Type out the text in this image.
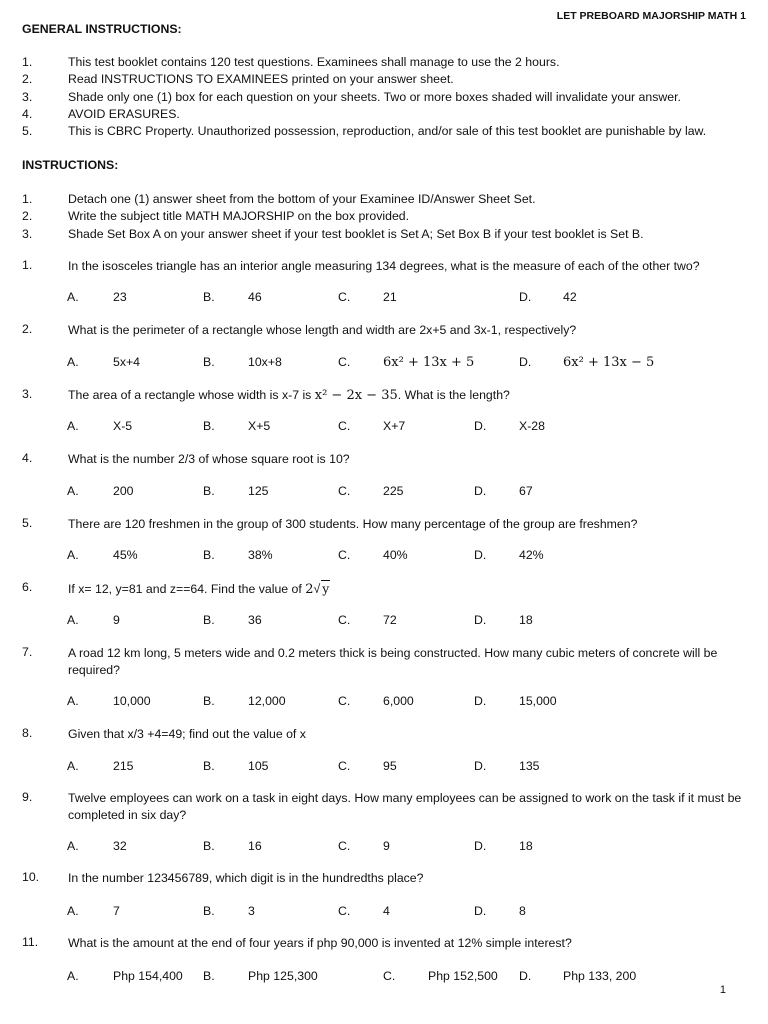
LET PREBOARD MAJORSHIP MATH 1
GENERAL INSTRUCTIONS:
1.	This test booklet contains 120 test questions. Examinees shall manage to use the 2 hours.
2.	Read INSTRUCTIONS TO EXAMINEES printed on your answer sheet.
3.	Shade only one (1) box for each question on your sheets. Two or more boxes shaded will invalidate your answer.
4.	AVOID ERASURES.
5.	This is CBRC Property. Unauthorized possession, reproduction, and/or sale of this test booklet are punishable by law.
INSTRUCTIONS:
1.	Detach one (1) answer sheet from the bottom of your Examinee ID/Answer Sheet Set.
2.	Write the subject title MATH MAJORSHIP on the box provided.
3.	Shade Set Box A on your answer sheet if your test booklet is Set A; Set Box B if your test booklet is Set B.
1.	In the isosceles triangle has an interior angle measuring 134 degrees, what is the measure of each of the other two?
A.	23	B.	46	C.	21	D.	42
2.	What is the perimeter of a rectangle whose length and width are 2x+5 and 3x-1, respectively?
A.	5x+4	B.	10x+8	C.	6x² + 13x + 5	D. 6x² + 13x − 5
3.	The area of a rectangle whose width is x-7 is x² − 2x − 35. What is the length?
A.	X-5	B.	X+5	C.	X+7	D.	X-28
4.	What is the number 2/3 of whose square root is 10?
A.	200	B.	125	C.	225	D.	67
5.	There are 120 freshmen in the group of 300 students. How many percentage of the group are freshmen?
A.	45%	B.	38%	C.	40%	D.	42%
6.	If x= 12, y=81 and z==64. Find the value of 2√ y
A.	9	B.	36	C.	72	D.	18
7.	A road 12 km long, 5 meters wide and 0.2 meters thick is being constructed. How many cubic meters of concrete will be required?
A.	10,000	B.	12,000	C.	6,000	D.	15,000
8.	Given that x/3 +4=49; find out the value of x
A.	215	B.	105	C.	95	D.	135
9.	Twelve employees can work on a task in eight days. How many employees can be assigned to work on the task if it must be completed in six day?
A.	32	B.	16	C.	9	D.	18
10. In the number 123456789, which digit is in the hundredths place?
A.	7	B.	3	C.	4	D.	8
11. What is the amount at the end of four years if php 90,000 is invented at 12% simple interest?
A.	Php 154,400 B.	Php 125,300	C.	Php 152,500 D.	Php 133, 200
1
